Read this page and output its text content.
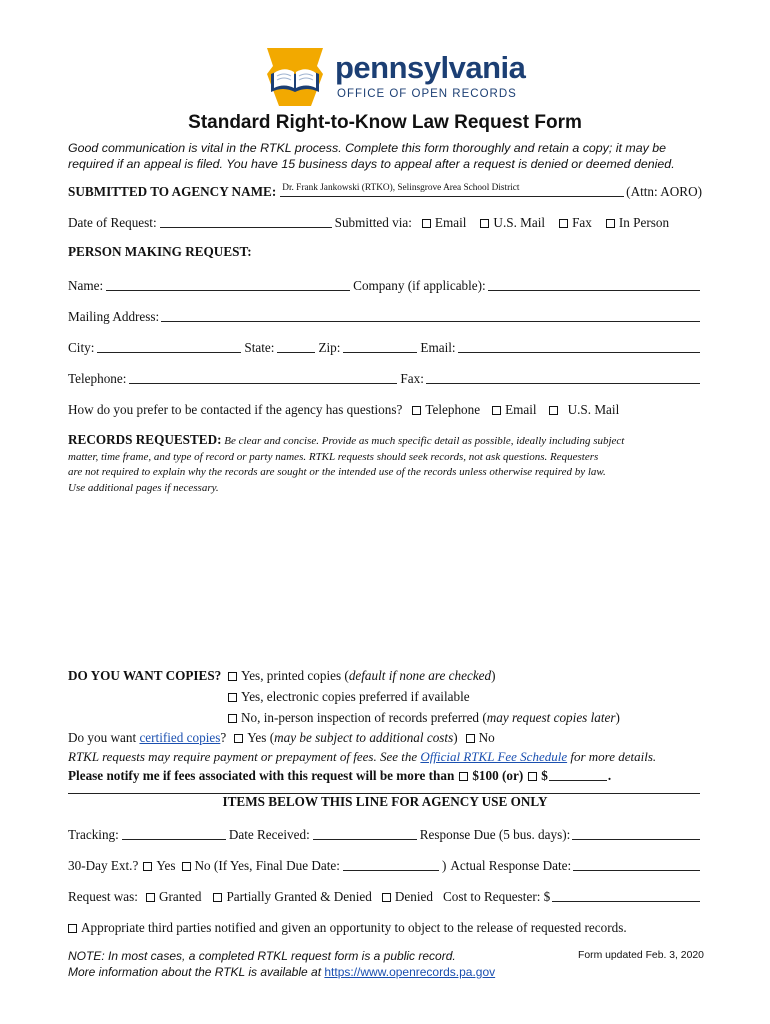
pennsylvania
OFFICE OF OPEN RECORDS
Standard Right-to-Know Law Request Form
Good communication is vital in the RTKL process. Complete this form thoroughly and retain a copy; it may be
required if an appeal is filed. You have 15 business days to appeal after a request is denied or deemed denied.
SUBMITTED TO AGENCY NAME: Dr. Frank Jankowski (RTKO), Selinsgrove Area School District	(Attn: AORO)
Date of Request:	Submitted via: Email U.S. Mail Fax In Person
PERSON MAKING REQUEST:
Name:	Company (if applicable):
Mailing Address:
City:	State:	Zip:	Email:
Telephone:	Fax:
How do you prefer to be contacted if the agency has questions? Telephone Email U.S. Mail
RECORDS REQUESTED: Be clear and concise. Provide as much specific detail as possible, ideally including subject
matter, time frame, and type of record or party names. RTKL requests should seek records, not ask questions. Requesters
are not required to explain why the records are sought or the intended use of the records unless otherwise required by law.
Use additional pages if necessary.
DO YOU WANT COPIES? Yes, printed copies ( default if none are checked )
Yes, electronic copies preferred if available
No, in-person inspection of records preferred ( may request copies later )
Do you want
certified copies ? Yes ( may be subject to additional costs ) No
RTKL requests may require payment or prepayment of fees. See the
Official RTKL Fee Schedule
for more details.
Please notify me if fees associated with this request will be more than $100 (or) $	.
ITEMS BELOW THIS LINE FOR AGENCY USE ONLY
Tracking:	Date Received:	Response Due (5 bus. days):
30-Day Ext.? Yes No (If Yes, Final Due Date:	) Actual Response Date:
Request was: Granted Partially Granted & Denied Denied Cost to Requester: $
Appropriate third parties notified and given an opportunity to object to the release of requested records.
NOTE: In most cases, a completed RTKL request form is a public record.
More information about the RTKL is available at https://www.openrecords.pa.gov
Form updated Feb. 3, 2020
